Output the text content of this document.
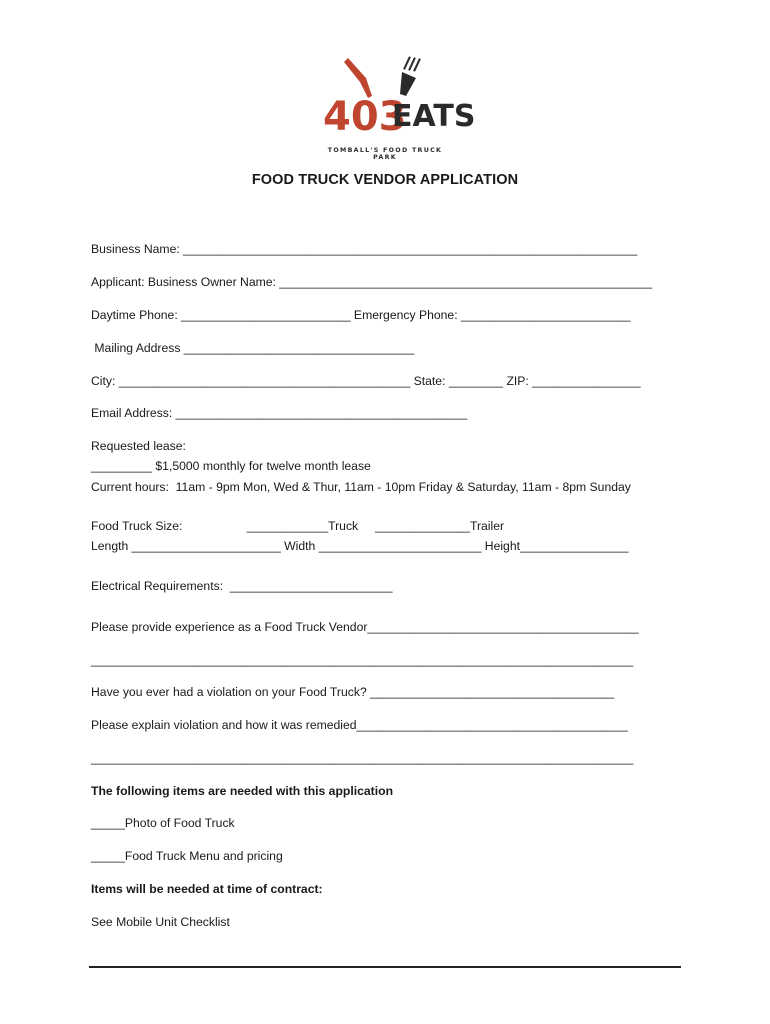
403
EATS
TOMBALL'S FOOD TRUCK PARK
FOOD TRUCK VENDOR APPLICATION
Business Name: ___________________________________________________________________
Applicant: Business Owner Name: _______________________________________________________
Daytime Phone: _________________________ Emergency Phone: _________________________
Mailing Address __________________________________
City: ___________________________________________ State: ________ ZIP: ________________
Email Address: ___________________________________________
Requested lease:
_________ $1,5000 monthly for twelve month lease
Current hours:  11am - 9pm Mon, Wed & Thur, 11am - 10pm Friday & Saturday, 11am - 8pm Sunday
Food Truck Size:                   ____________Truck     ______________Trailer
Length ______________________ Width ________________________ Height________________
Electrical Requirements:  ________________________
Please provide experience as a Food Truck Vendor________________________________________
________________________________________________________________________________
Have you ever had a violation on your Food Truck? ____________________________________
Please explain violation and how it was remedied________________________________________
________________________________________________________________________________
The following items are needed with this application
_____Photo of Food Truck
_____Food Truck Menu and pricing
Items will be needed at time of contract:
See Mobile Unit Checklist
